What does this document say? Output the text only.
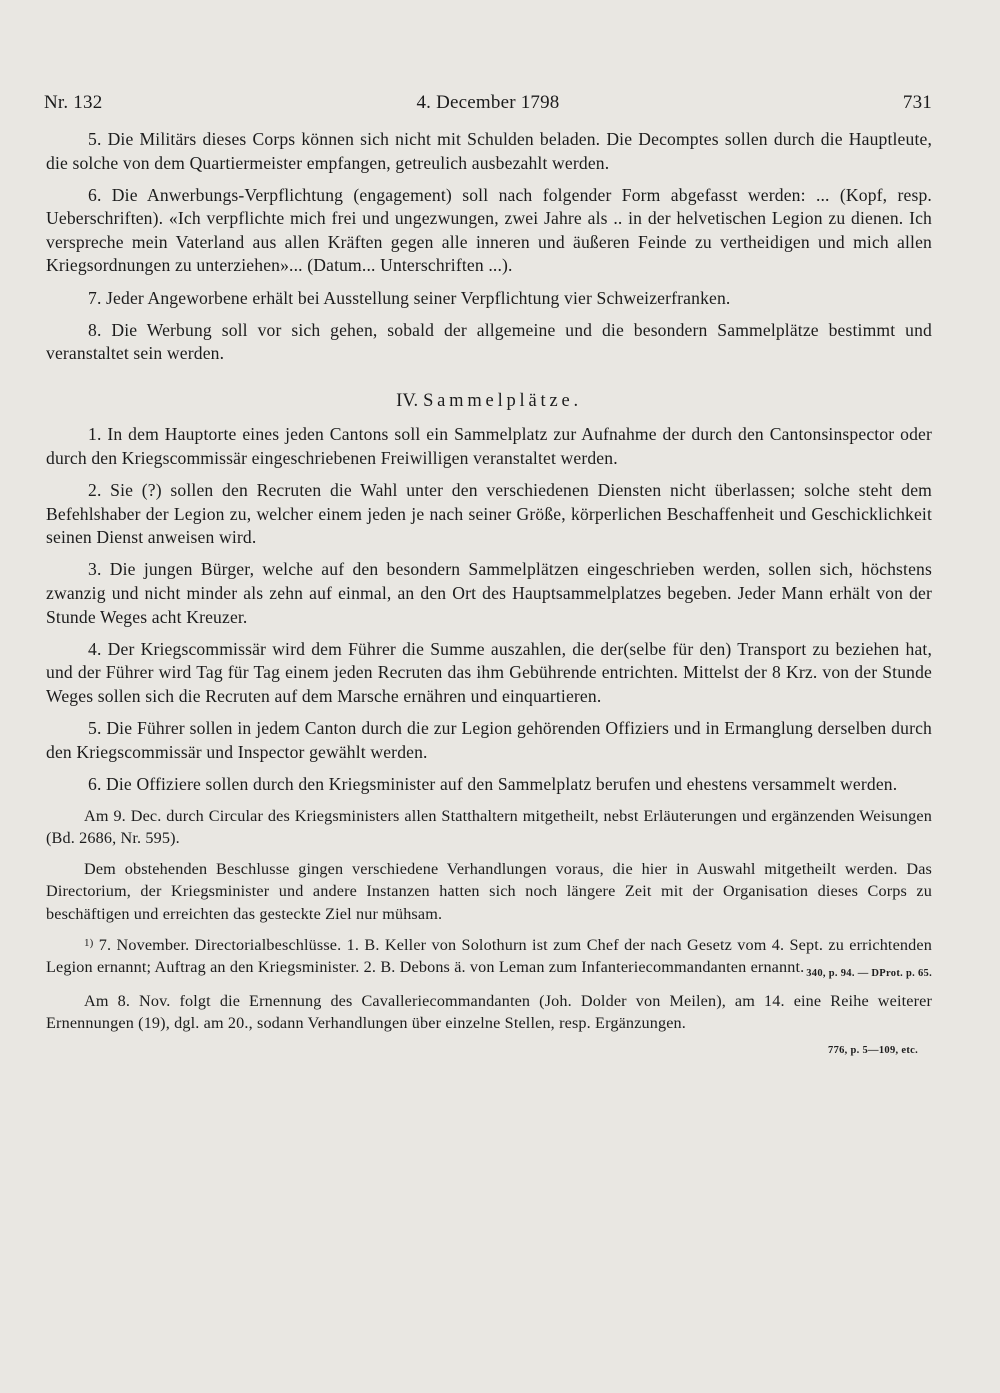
Nr. 132	4. December 1798	731

5. Die Militärs dieses Corps können sich nicht mit Schulden beladen. Die Decomptes sollen durch die Hauptleute, die solche von dem Quartiermeister empfangen, getreulich ausbezahlt werden.

6. Die Anwerbungs-Verpflichtung (engagement) soll nach folgender Form abgefasst werden: ... (Kopf, resp. Ueberschriften). «Ich verpflichte mich frei und ungezwungen, zwei Jahre als .. in der helvetischen Legion zu dienen. Ich verspreche mein Vaterland aus allen Kräften gegen alle inneren und äußeren Feinde zu vertheidigen und mich allen Kriegsordnungen zu unterziehen»... (Datum... Unterschriften ...).

7. Jeder Angeworbene erhält bei Ausstellung seiner Verpflichtung vier Schweizerfranken.

8. Die Werbung soll vor sich gehen, sobald der allgemeine und die besondern Sammelplätze bestimmt und veranstaltet sein werden.

IV. Sammelplätze.

1. In dem Hauptorte eines jeden Cantons soll ein Sammelplatz zur Aufnahme der durch den Cantonsinspector oder durch den Kriegscommissär eingeschriebenen Freiwilligen veranstaltet werden.

2. Sie (?) sollen den Recruten die Wahl unter den verschiedenen Diensten nicht überlassen; solche steht dem Befehlshaber der Legion zu, welcher einem jeden je nach seiner Größe, körperlichen Beschaffenheit und Geschicklichkeit seinen Dienst anweisen wird.

3. Die jungen Bürger, welche auf den besondern Sammelplätzen eingeschrieben werden, sollen sich, höchstens zwanzig und nicht minder als zehn auf einmal, an den Ort des Hauptsammelplatzes begeben. Jeder Mann erhält von der Stunde Weges acht Kreuzer.

4. Der Kriegscommissär wird dem Führer die Summe auszahlen, die der(selbe für den) Transport zu beziehen hat, und der Führer wird Tag für Tag einem jeden Recruten das ihm Gebührende entrichten. Mittelst der 8 Krz. von der Stunde Weges sollen sich die Recruten auf dem Marsche ernähren und einquartieren.

5. Die Führer sollen in jedem Canton durch die zur Legion gehörenden Offiziers und in Ermanglung derselben durch den Kriegscommissär und Inspector gewählt werden.

6. Die Offiziere sollen durch den Kriegsminister auf den Sammelplatz berufen und ehestens versammelt werden.

Am 9. Dec. durch Circular des Kriegsministers allen Statthaltern mitgetheilt, nebst Erläuterungen und ergänzenden Weisungen (Bd. 2686, Nr. 595).

Dem obstehenden Beschlusse gingen verschiedene Verhandlungen voraus, die hier in Auswahl mitgetheilt werden. Das Directorium, der Kriegsminister und andere Instanzen hatten sich noch längere Zeit mit der Organisation dieses Corps zu beschäftigen und erreichten das gesteckte Ziel nur mühsam.

$^{1)}$ 7. November. Directorialbeschlüsse. 1. B. Keller von Solothurn ist zum Chef der nach Gesetz vom 4. Sept. zu errichtenden Legion ernannt; Auftrag an den Kriegsminister. 2. B. Debons ä. von Leman zum Infanteriecommandanten ernannt. 340, p. 94. — DProt. p. 65.

Am 8. Nov. folgt die Ernennung des Cavalleriecommandanten (Joh. Dolder von Meilen), am 14. eine Reihe weiterer Ernennungen (19), dgl. am 20., sodann Verhandlungen über einzelne Stellen, resp. Ergänzungen.

776, p. 5—109, etc.
